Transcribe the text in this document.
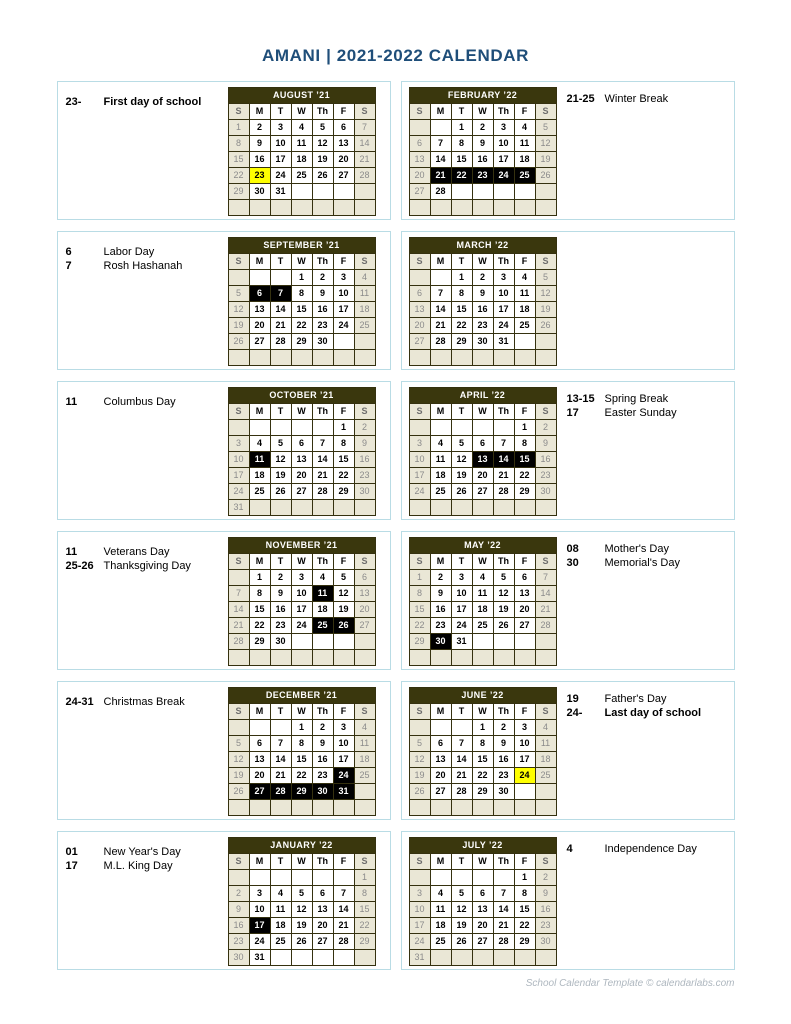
AMANI | 2021-2022 CALENDAR
23-	First day of school
AUGUST ’21						
S	M	T	W	Th	F	S
1	2	3	4	5	6	7
8	9	10	11	12	13	14
15	16	17	18	19	20	21
22	23	24	25	26	27	28
29	30	31				

FEBRUARY ’22						
S	M	T	W	Th	F	S
		1	2	3	4	5
6	7	8	9	10	11	12
13	14	15	16	17	18	19
20	21	22	23	24	25	26
27	28					

21-25 Winter Break
6	Labor Day
7	Rosh Hashanah
SEPTEMBER ’21						
S	M	T	W	Th	F	S
			1	2	3	4
5	6	7	8	9	10	11
12	13	14	15	16	17	18
19	20	21	22	23	24	25
26	27	28	29	30		

MARCH ’22						
S	M	T	W	Th	F	S
		1	2	3	4	5
6	7	8	9	10	11	12
13	14	15	16	17	18	19
20	21	22	23	24	25	26
27	28	29	30	31		

11	Columbus Day
OCTOBER ’21						
S	M	T	W	Th	F	S
					1	2
3	4	5	6	7	8	9
10	11	12	13	14	15	16
17	18	19	20	21	22	23
24	25	26	27	28	29	30
31						
APRIL ’22						
S	M	T	W	Th	F	S
					1	2
3	4	5	6	7	8	9
10	11	12	13	14	15	16
17	18	19	20	21	22	23
24	25	26	27	28	29	30

13-15 Spring Break
17	Easter Sunday
11	Veterans Day
25-26 Thanksgiving Day
NOVEMBER ’21						
S	M	T	W	Th	F	S
	1	2	3	4	5	6
7	8	9	10	11	12	13
14	15	16	17	18	19	20
21	22	23	24	25	26	27
28	29	30				

MAY ’22						
S	M	T	W	Th	F	S
1	2	3	4	5	6	7
8	9	10	11	12	13	14
15	16	17	18	19	20	21
22	23	24	25	26	27	28
29	30	31				

08	Mother's Day
30	Memorial's Day
24-31 Christmas Break
DECEMBER ’21						
S	M	T	W	Th	F	S
			1	2	3	4
5	6	7	8	9	10	11
12	13	14	15	16	17	18
19	20	21	22	23	24	25
26	27	28	29	30	31	

JUNE ’22						
S	M	T	W	Th	F	S
			1	2	3	4
5	6	7	8	9	10	11
12	13	14	15	16	17	18
19	20	21	22	23	24	25
26	27	28	29	30		

19	Father's Day
24-	Last day of school
01	New Year's Day
17	M.L. King Day
JANUARY ’22						
S	M	T	W	Th	F	S
						1
2	3	4	5	6	7	8
9	10	11	12	13	14	15
16	17	18	19	20	21	22
23	24	25	26	27	28	29
30	31					
JULY ’22						
S	M	T	W	Th	F	S
					1	2
3	4	5	6	7	8	9
10	11	12	13	14	15	16
17	18	19	20	21	22	23
24	25	26	27	28	29	30
31						
4	Independence Day
School Calendar Template © calendarlabs.com
